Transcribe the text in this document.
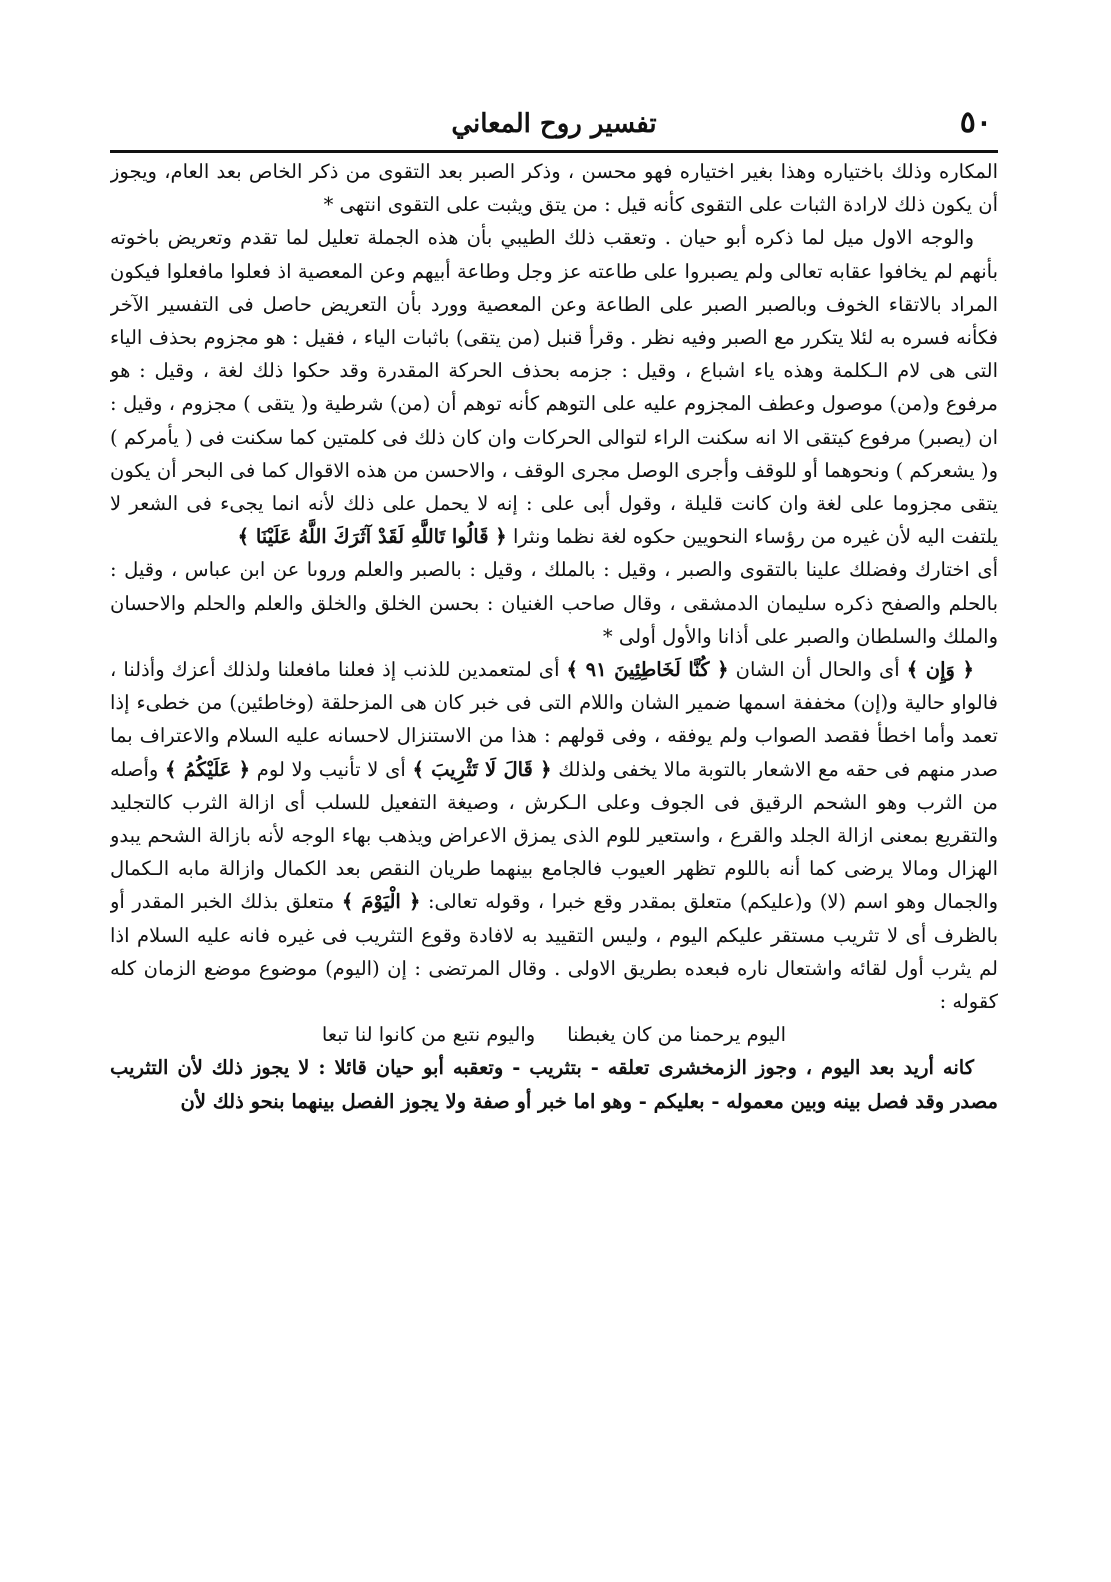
٥٠
تفسير روح المعاني

المكاره وذلك باختياره وهذا بغير اختياره فهو محسن ، وذكر الصبر بعد التقوى من ذكر الخاص بعد العام، ويجوز أن يكون ذلك لارادة الثبات على التقوى كأنه قيل : من يتق ويثبت على التقوى انتهى *

والوجه الاول ميل لما ذكره أبو حيان . وتعقب ذلك الطيبي بأن هذه الجملة تعليل لما تقدم وتعريض باخوته بأنهم لم يخافوا عقابه تعالى ولم يصبروا على طاعته عز وجل وطاعة أبيهم وعن المعصية اذ فعلوا مافعلوا فيكون المراد بالاتقاء الخوف وبالصبر الصبر على الطاعة وعن المعصية وورد بأن التعريض حاصل فى التفسير الآخر فكأنه فسره به لئلا يتكرر مع الصبر وفيه نظر . وقرأ قنبل (من يتقى) باثبات الياء ، فقيل : هو مجزوم بحذف الياء التى هى لام الـكلمة وهذه ياء اشباع ، وقيل : جزمه بحذف الحركة المقدرة وقد حكوا ذلك لغة ، وقيل : هو مرفوع و(من) موصول وعطف المجزوم عليه على التوهم كأنه توهم أن (من) شرطية و( يتقى ) مجزوم ، وقيل : ان (يصبر) مرفوع كيتقى الا انه سكنت الراء لتوالى الحركات وان كان ذلك فى كلمتين كما سكنت فى ( يأمركم ) و( يشعركم ) ونحوهما أو للوقف وأجرى الوصل مجرى الوقف ، والاحسن من هذه الاقوال كما فى البحر أن يكون يتقى مجزوما على لغة وان كانت قليلة ، وقول أبى على : إنه لا يحمل على ذلك لأنه انما يجىء فى الشعر لا يلتفت اليه لأن غيره من رؤساء النحويين حكوه لغة نظما ونثرا ﴿ قَالُوا تَاللَّهِ لَقَدْ آثَرَكَ اللَّهُ عَلَيْنَا ﴾

أى اختارك وفضلك علينا بالتقوى والصبر ، وقيل : بالملك ، وقيل : بالصبر والعلم وروىا عن ابن عباس ، وقيل : بالحلم والصفح ذكره سليمان الدمشقى ، وقال صاحب الغنيان : بحسن الخلق والخلق والعلم والحلم والاحسان والملك والسلطان والصبر على أذانا والأول أولى *

﴿ وَإِن ﴾ أى والحال أن الشان ﴿ كُنَّا لَخَاطِئِينَ ٩١ ﴾ أى لمتعمدين للذنب إذ فعلنا مافعلنا ولذلك أعزك وأذلنا ، فالواو حالية و(إن) مخففة اسمها ضمير الشان واللام التى فى خبر كان هى المزحلقة (وخاطئين) من خطىء إذا تعمد وأما اخطأ فقصد الصواب ولم يوفقه ، وفى قولهم : هذا من الاستنزال لاحسانه عليه السلام والاعتراف بما صدر منهم فى حقه مع الاشعار بالتوبة مالا يخفى ولذلك ﴿ قَالَ لَا تَثْرِيبَ ﴾ أى لا تأنيب ولا لوم ﴿ عَلَيْكُمُ ﴾ وأصله من الثرب وهو الشحم الرقيق فى الجوف وعلى الـكرش ، وصيغة التفعيل للسلب أى ازالة الثرب كالتجليد والتقريع بمعنى ازالة الجلد والقرع ، واستعير للوم الذى يمزق الاعراض ويذهب بهاء الوجه لأنه بازالة الشحم يبدو الهزال ومالا يرضى كما أنه باللوم تظهر العيوب فالجامع بينهما طريان النقص بعد الكمال وازالة مابه الـكمال والجمال وهو اسم (لا) و(عليكم) متعلق بمقدر وقع خبرا ، وقوله تعالى: ﴿ الْيَوْمَ ﴾ متعلق بذلك الخبر المقدر أو بالظرف أى لا تثريب مستقر عليكم اليوم ، وليس التقييد به لافادة وقوع التثريب فى غيره فانه عليه السلام اذا لم يثرب أول لقائه واشتعال ناره فبعده بطريق الاولى . وقال المرتضى : إن (اليوم) موضوع موضع الزمان كله كقوله :

اليوم يرحمنا من كان يغبطناواليوم نتبع من كانوا لنا تبعا

كانه أريد بعد اليوم ، وجوز الزمخشرى تعلقه - بتثريب - وتعقبه أبو حيان قائلا : لا يجوز ذلك لأن التثريب مصدر وقد فصل بينه وبين معموله - بعليكم - وهو اما خبر أو صفة ولا يجوز الفصل بينهما بنحو ذلك لأن
